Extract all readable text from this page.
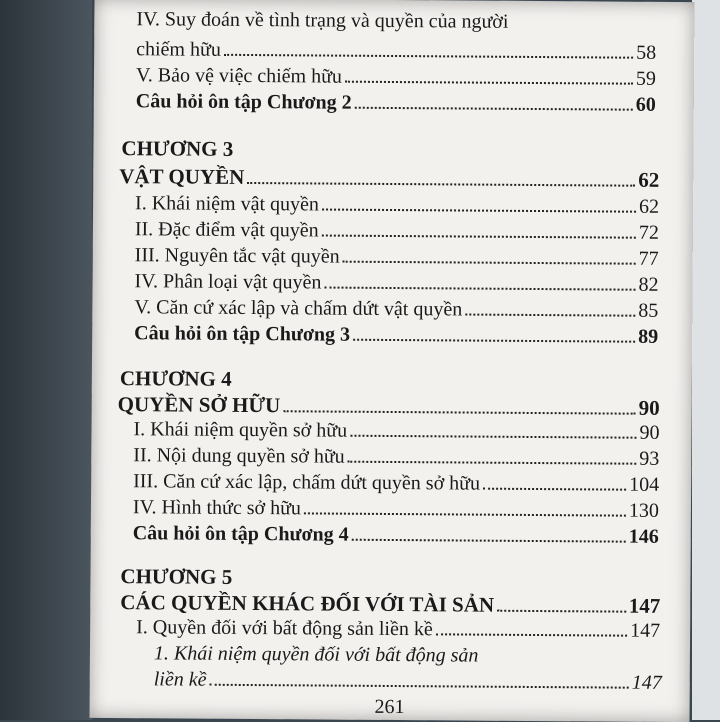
IV. Suy đoán về tình trạng và quyền của người
chiếm hữu	58
V. Bảo vệ việc chiếm hữu	59
Câu hỏi ôn tập Chương 2	60
CHƯƠNG 3
VẬT QUYỀN	62
I. Khái niệm vật quyền	62
II. Đặc điểm vật quyền	72
III. Nguyên tắc vật quyền	77
IV. Phân loại vật quyền	82
V. Căn cứ xác lập và chấm dứt vật quyền	85
Câu hỏi ôn tập Chương 3	89
CHƯƠNG 4
QUYỀN SỞ HỮU	90
I. Khái niệm quyền sở hữu	90
II. Nội dung quyền sở hữu	93
III. Căn cứ xác lập, chấm dứt quyền sở hữu	104
IV. Hình thức sở hữu	130
Câu hỏi ôn tập Chương 4	146
CHƯƠNG 5
CÁC QUYỀN KHÁC ĐỐI VỚI TÀI SẢN	147
I. Quyền đối với bất động sản liền kề	147
1. Khái niệm quyền đối với bất động sản
liền kề	147
261
